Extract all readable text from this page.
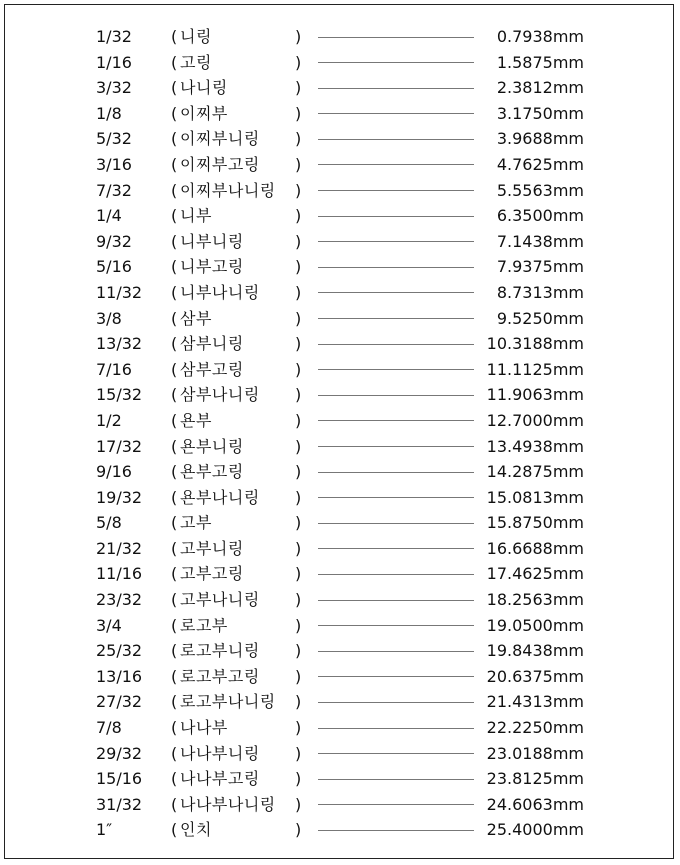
1/32	( 니링	)	0.7938mm
1/16	( 고링	)	1.5875mm
3/32	( 나니링	)	2.3812mm
1/8	( 이찌부	)	3.1750mm
5/32	( 이찌부니링 )	3.9688mm
3/16	( 이찌부고링 )	4.7625mm
7/32	( 이찌부나니링 )	5.5563mm
1/4	( 니부	)	6.3500mm
9/32	( 니부니링	)	7.1438mm
5/16	( 니부고링	)	7.9375mm
11/32	( 니부나니링 )	8.7313mm
3/8	( 삼부	)	9.5250mm
13/32	( 삼부니링	)	10.3188mm
7/16	( 삼부고링	)	11.1125mm
15/32	( 삼부나니링 )	11.9063mm
1/2	( 욘부	)	12.7000mm
17/32	( 욘부니링	)	13.4938mm
9/16	( 욘부고링	)	14.2875mm
19/32	( 욘부나니링 )	15.0813mm
5/8	( 고부	)	15.8750mm
21/32	( 고부니링	)	16.6688mm
11/16	( 고부고링	)	17.4625mm
23/32	( 고부나니링 )	18.2563mm
3/4	( 로고부	)	19.0500mm
25/32	( 로고부니링 )	19.8438mm
13/16	( 로고부고링 )	20.6375mm
27/32	( 로고부나니링 )	21.4313mm
7/8	( 나나부	)	22.2250mm
29/32	( 나나부니링 )	23.0188mm
15/16	( 나나부고링 )	23.8125mm
31/32	( 나나부나니링 )	24.6063mm
1″	( 인치	)	25.4000mm
